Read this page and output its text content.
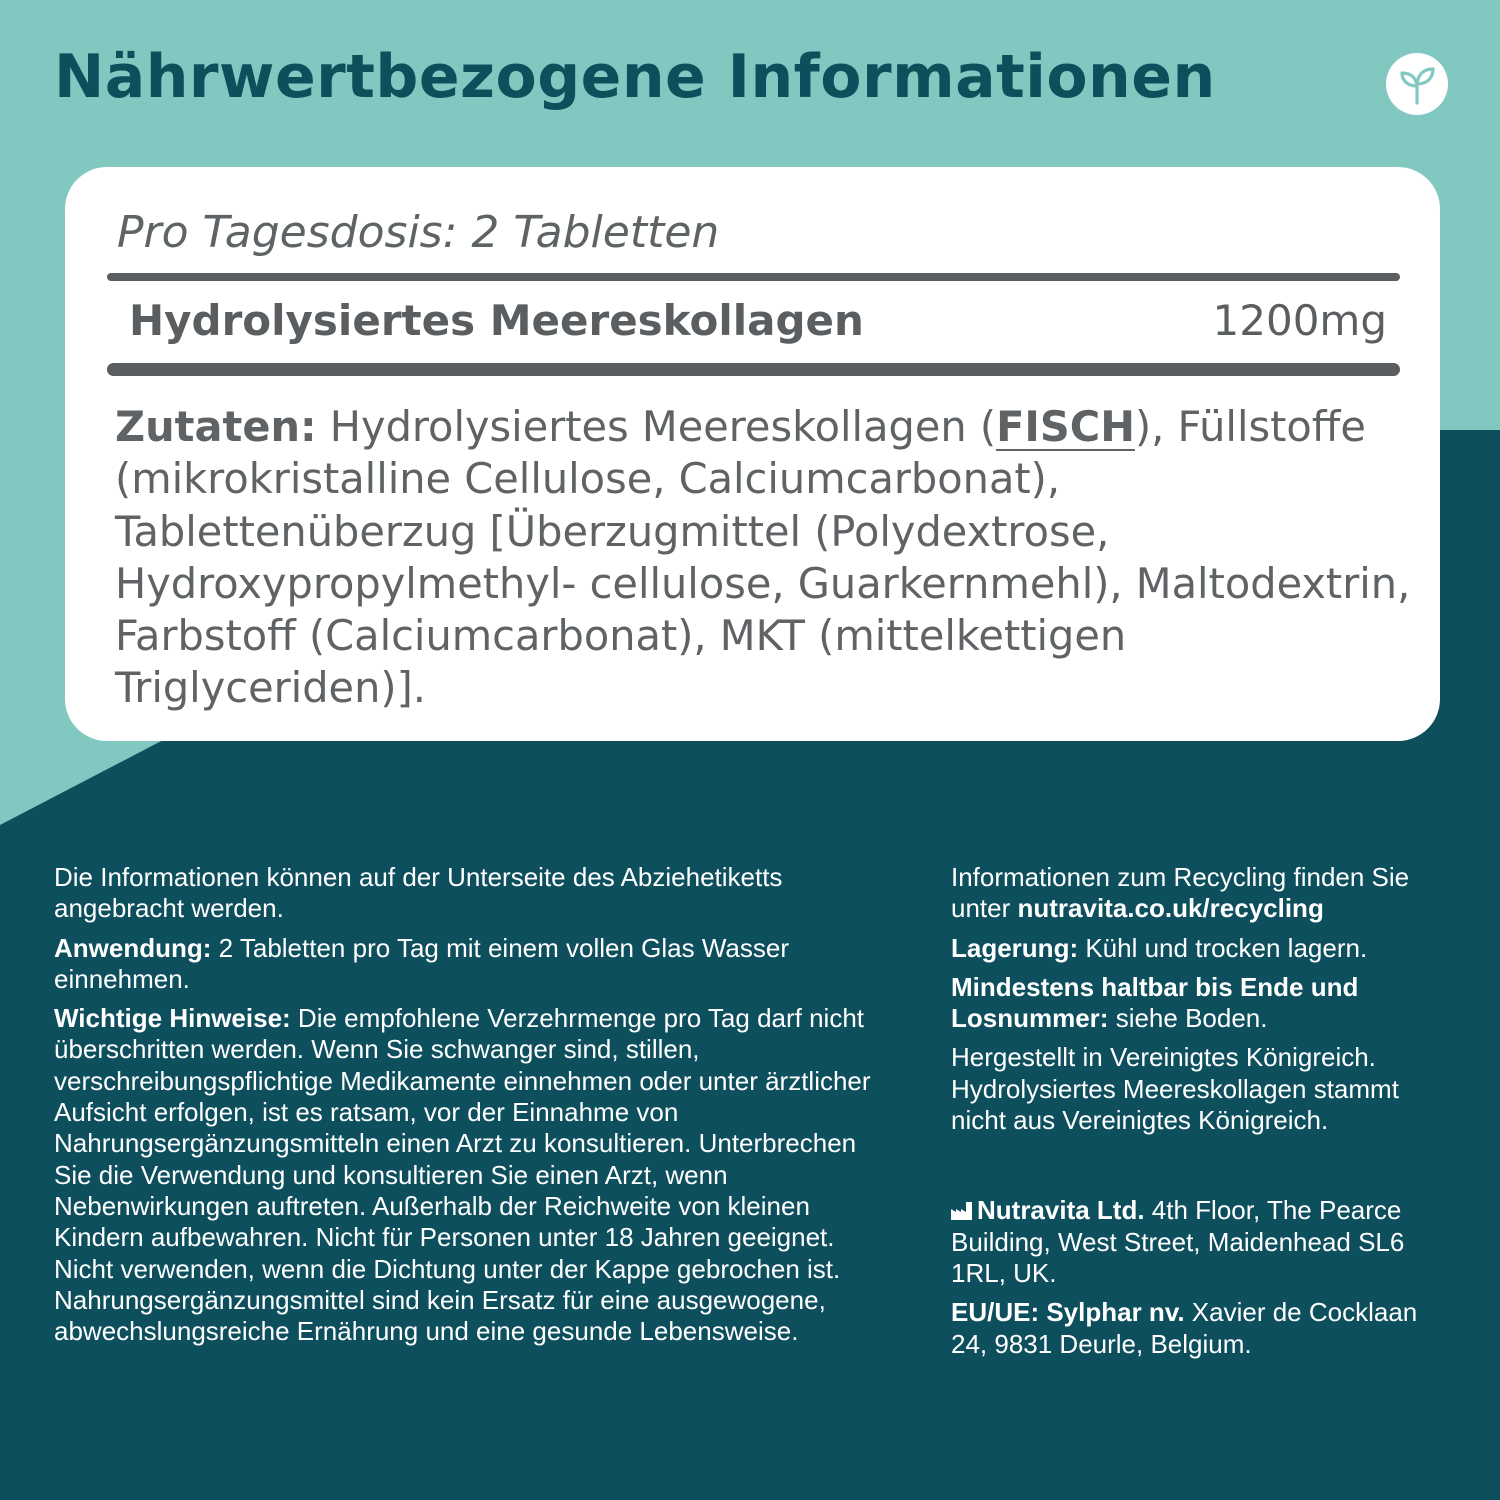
Nährwertbezogene Informationen

Pro Tagesdosis: 2 Tabletten

Hydrolysiertes Meereskollagen	1200mg

Zutaten: Hydrolysiertes Meereskollagen (FISCH), Füllstoffe (mikrokristalline Cellulose, Calciumcarbonat), Tablettenüberzug [Überzugmittel (Polydextrose, Hydroxypropylmethyl- cellulose, Guarkernmehl), Maltodextrin, Farbstoff (Calciumcarbonat), MKT (mittelkettigen Triglyceriden)].

Die Informationen können auf der Unterseite des Abziehetiketts angebracht werden.

Anwendung: 2 Tabletten pro Tag mit einem vollen Glas Wasser einnehmen.

Wichtige Hinweise: Die empfohlene Verzehrmenge pro Tag darf nicht überschritten werden. Wenn Sie schwanger sind, stillen, verschreibungspflichtige Medikamente einnehmen oder unter ärztlicher Aufsicht erfolgen, ist es ratsam, vor der Einnahme von Nahrungsergänzungsmitteln einen Arzt zu konsultieren. Unterbrechen Sie die Verwendung und konsultieren Sie einen Arzt, wenn Nebenwirkungen auftreten. Außerhalb der Reichweite von kleinen Kindern aufbewahren. Nicht für Personen unter 18 Jahren geeignet. Nicht verwenden, wenn die Dichtung unter der Kappe gebrochen ist. Nahrungsergänzungsmittel sind kein Ersatz für eine ausgewogene, abwechslungsreiche Ernährung und eine gesunde Lebensweise.

Informationen zum Recycling finden Sie unter nutravita.co.uk/recycling

Lagerung: Kühl und trocken lagern.

Mindestens haltbar bis Ende und Losnummer: siehe Boden.

Hergestellt in Vereinigtes Königreich. Hydrolysiertes Meereskollagen stammt nicht aus Vereinigtes Königreich.

Nutravita Ltd. 4th Floor, The Pearce Building, West Street, Maidenhead SL6 1RL, UK.

EU/UE: Sylphar nv. Xavier de Cocklaan 24, 9831 Deurle, Belgium.
